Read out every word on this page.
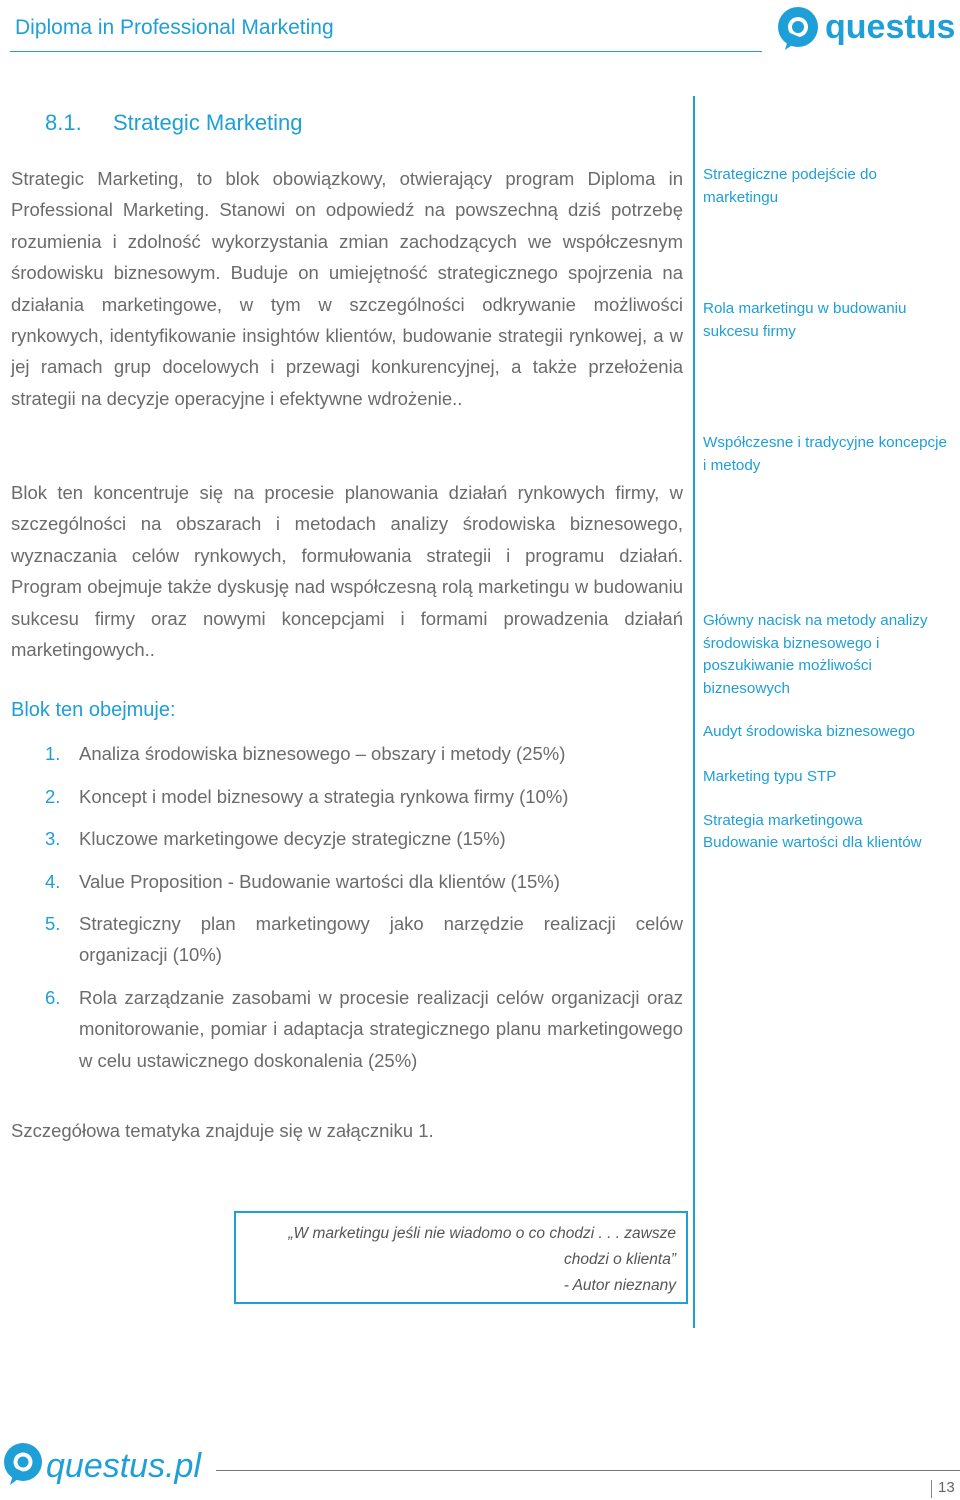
Diploma in Professional Marketing	questus
8.1. Strategic Marketing

Strategic Marketing, to blok obowiązkowy, otwierający program Diploma in Professional Marketing. Stanowi on odpowiedź na powszechną dziś potrzebę rozumienia i zdolność wykorzystania zmian zachodzących we współczesnym środowisku biznesowym. Buduje on umiejętność strategicznego spojrzenia na działania marketingowe, w tym w szczególności odkrywanie możliwości rynkowych, identyfikowanie insightów klientów, budowanie strategii rynkowej, a w jej ramach grup docelowych i przewagi konkurencyjnej, a także przełożenia strategii na decyzje operacyjne i efektywne wdrożenie..

Blok ten koncentruje się na procesie planowania działań rynkowych firmy, w szczególności na obszarach i metodach analizy środowiska biznesowego, wyznaczania celów rynkowych, formułowania strategii i programu działań. Program obejmuje także dyskusję nad współczesną rolą marketingu w budowaniu sukcesu firmy oraz nowymi koncepcjami i formami prowadzenia działań marketingowych..

Blok ten obejmuje:
1. Analiza środowiska biznesowego – obszary i metody (25%)
2. Koncept i model biznesowy a strategia rynkowa firmy (10%)
3. Kluczowe marketingowe decyzje strategiczne (15%)
4. Value Proposition - Budowanie wartości dla klientów (15%)
5. Strategiczny plan marketingowy jako narzędzie realizacji celów organizacji (10%)
6. Rola zarządzanie zasobami w procesie realizacji celów organizacji oraz monitorowanie, pomiar i adaptacja strategicznego planu marketingowego w celu ustawicznego doskonalenia (25%)
Szczegółowa tematyka znajduje się w załączniku 1.
„W marketingu jeśli nie wiadomo o co chodzi . . . zawsze
chodzi o klienta”
- Autor nieznany
Strategiczne podejście do marketingu
Rola marketingu w budowaniu sukcesu firmy
Współczesne i tradycyjne koncepcje i metody
Główny nacisk na metody analizy środowiska biznesowego i poszukiwanie możliwości biznesowych
Audyt środowiska biznesowego
Marketing typu STP
Strategia marketingowa
Budowanie wartości dla klientów
questus.pl
13
